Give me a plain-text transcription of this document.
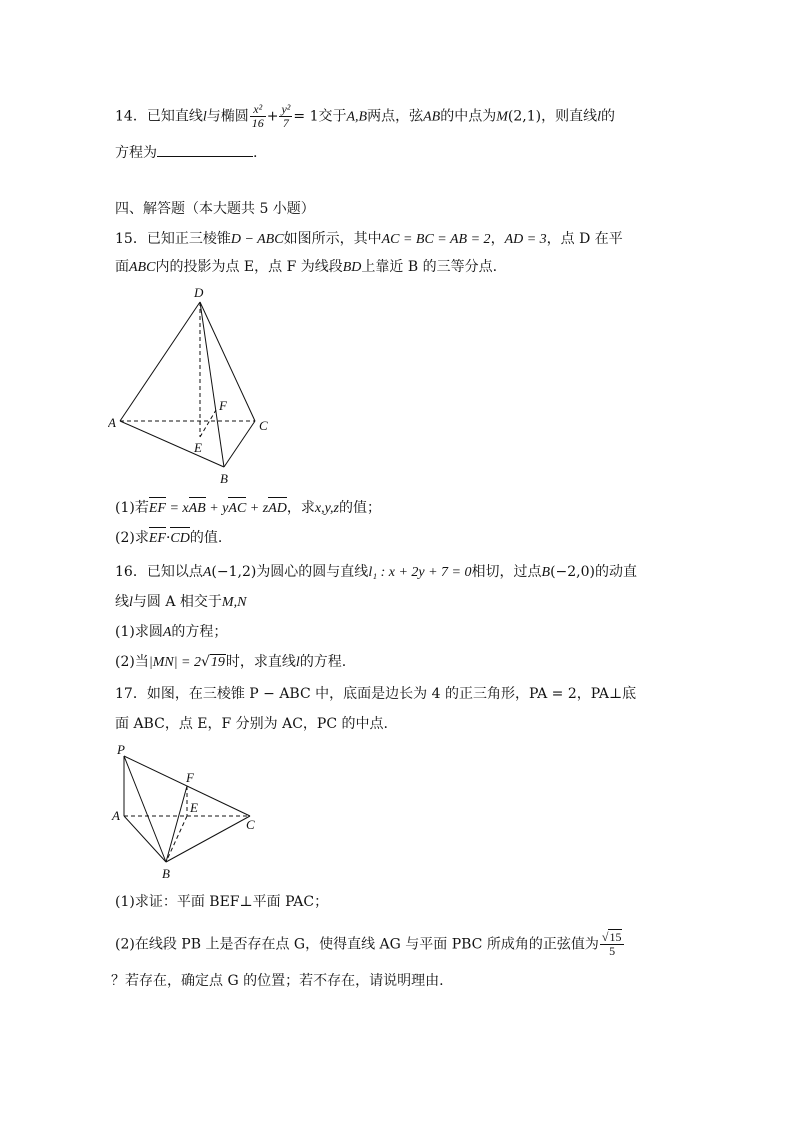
14．已知直线l与椭圆 $\frac{\text{x²}}{16} + \frac{\text{y²}}{7} = 1$交于A,B两点，弦AB的中点为M(2,1)，则直线l的
方程为	.
四、解答题（本大题共 5 小题）
15．已知正三棱锥D − ABC如图所示，其中AC = BC = AB = 2，AD = 3，点 D 在平
面ABC内的投影为点 E，点 F 为线段BD上靠近 B 的三等分点.
D
A	C
B
E
F
(1)若EF = xAB + yAC + zAD，求x,y,z的值；
(2)求EF·CD的值.
16．已知以点A(−1,2)为圆心的圆与直线l₁ : x + 2y + 7 = 0相切，过点B(−2,0)的动直
线l与圆 A 相交于M,N
(1)求圆A的方程；
(2)当|MN| = 2√19时，求直线l的方程.
17．如图，在三棱锥 P − ABC 中，底面是边长为 4 的正三角形，PA = 2，PA⊥底
面 ABC，点 E，F 分别为 AC，PC 的中点.
P
F
E
A
C
B
(1)求证：平面 BEF⊥平面 PAC；
(2)在线段 PB 上是否存在点 G，使得直线 AG 与平面 PBC 所成角的正弦值为 $\frac{√15}{5}$
？若存在，确定点 G 的位置；若不存在，请说明理由.
